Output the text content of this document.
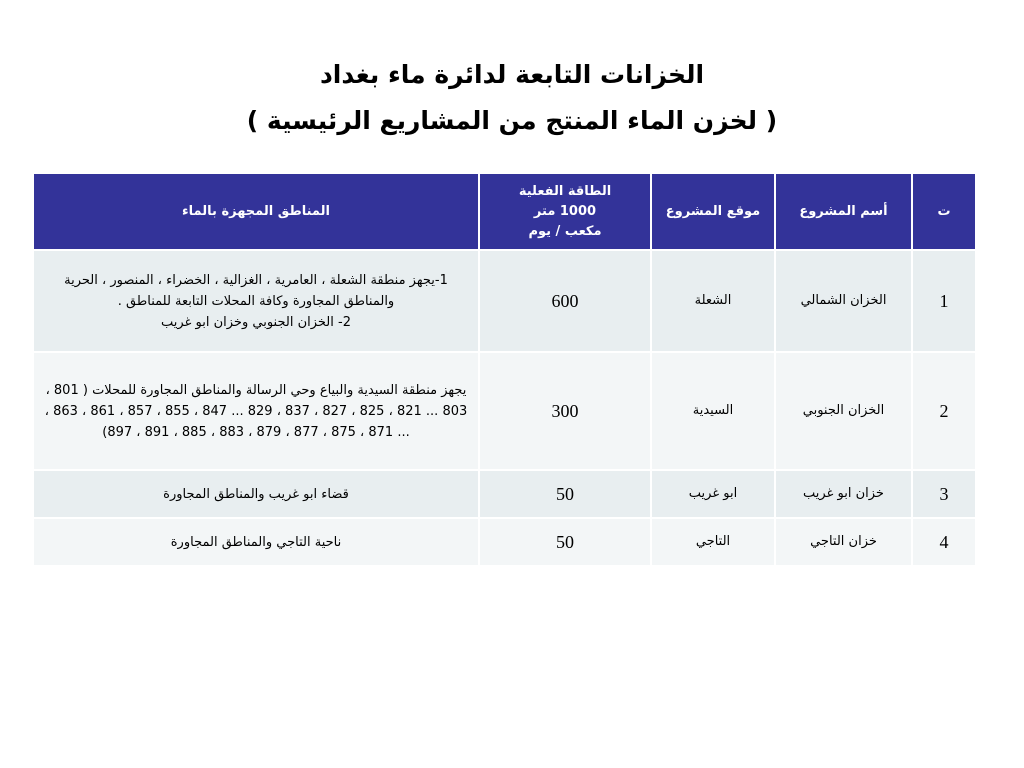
الخزانات التابعة لدائرة ماء بغداد

( لخزن الماء المنتج من المشاريع الرئيسية )

ت	أسم المشروع	موقع المشروع	الطاقة الفعلية
1000 متر
مكعب / يوم	المناطق المجهزة بالماء
1	الخزان الشمالي	الشعلة	600	1-يجهز منطقة الشعلة ، العامرية ، الغزالية ، الخضراء ، المنصور ، الحرية والمناطق المجاورة وكافة المحلات التابعة للمناطق .
2- الخزان الجنوبي وخزان ابو غريب
2	الخزان الجنوبي	السيدية	300	يجهز منطقة السيدية والبياع وحي الرسالة والمناطق المجاورة للمحلات ( 801 ، 803 ... 821 ، 825 ، 827 ، 837 ، 829 ... 847 ، 855 ، 857 ، 861 ، 863 ، ... 871 ، 875 ، 877 ، 879 ، 883 ، 885 ، 891 ، 897)
3	خزان ابو غريب	ابو غريب	50	قضاء ابو غريب والمناطق المجاورة
4	خزان التاجي	التاجي	50	ناحية التاجي والمناطق المجاورة
